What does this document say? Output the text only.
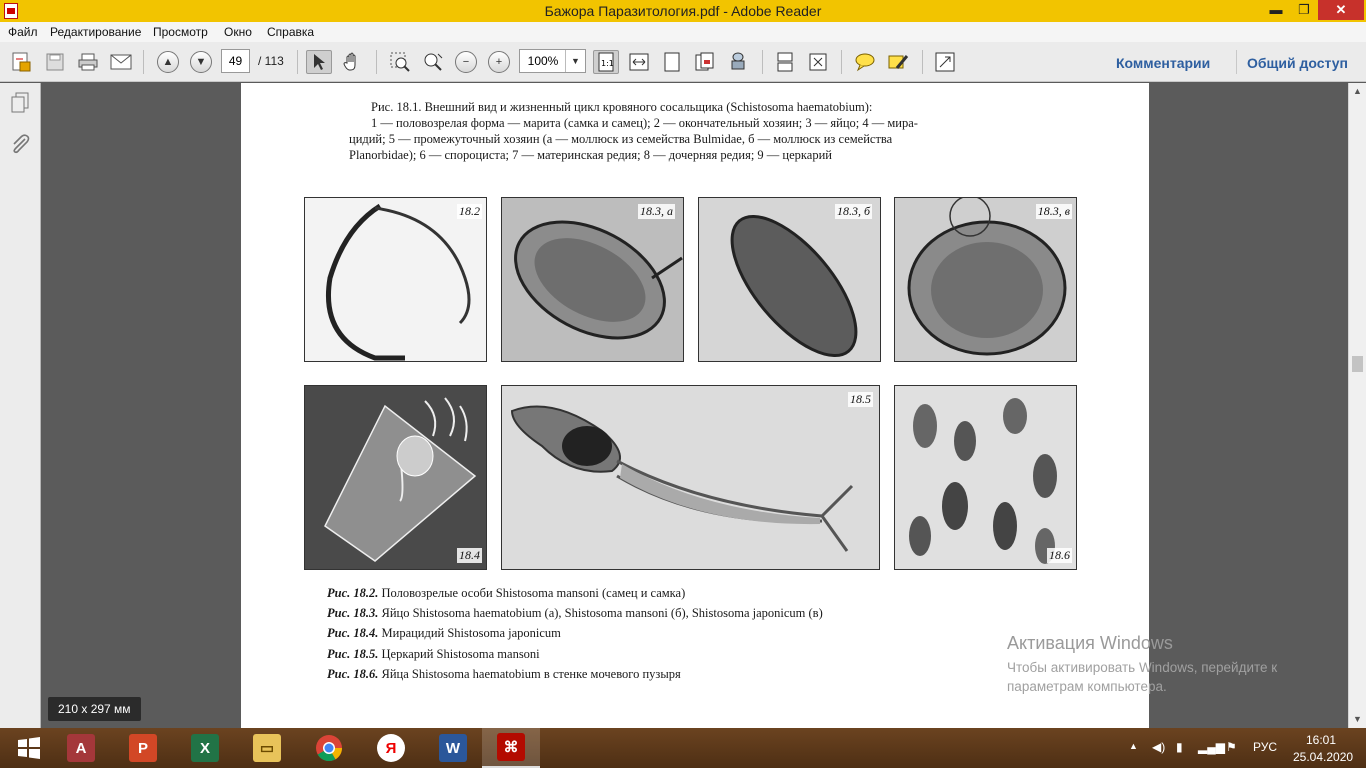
Бажора Паразитология.pdf - Adobe Reader	▬	❐	✕
Файл Редактирование Просмотр Окно Справка
▲	▼	−	+	1:1
49
/ 113
100%	▼	Комментарии	Общий доступ
Рис. 18.1. Внешний вид и жизненный цикл кровяного сосальщика (Schistosoma haematobium):
1 — половозрелая форма — марита (самка и самец); 2 — окончательный хозяин; 3 — яйцо; 4 — мира-
цидий; 5 — промежуточный хозяин (а — моллюск из семейства Bulmidae, б — моллюск из семейства
Planorbidae); 6 — спороциста; 7 — материнская редия; 8 — дочерняя редия; 9 — церкарий
18.2	18.3, а	18.3, б	18.3, в
18.4
18.5
18.6
Рис. 18.2. Половозрелые особи Shistosoma mansoni (самец и самка)
Рис. 18.3. Яйцо Shistosoma haematobium (а), Shistosoma mansoni (б), Shistosoma japonicum (в)
Рис. 18.4. Мирацидий Shistosoma japonicum
Рис. 18.5. Церкарий Shistosoma mansoni
Рис. 18.6. Яйца Shistosoma haematobium в стенке мочевого пузыря
▲
▼
Активация Windows
Чтобы активировать Windows, перейдите к
параметрам компьютера.
210 x 297 мм
A	P	X	▭	Я	W	⌘	▲ ◀) ▮ ▂▄▆ ⚑ РУС 16:01
25.04.2020
